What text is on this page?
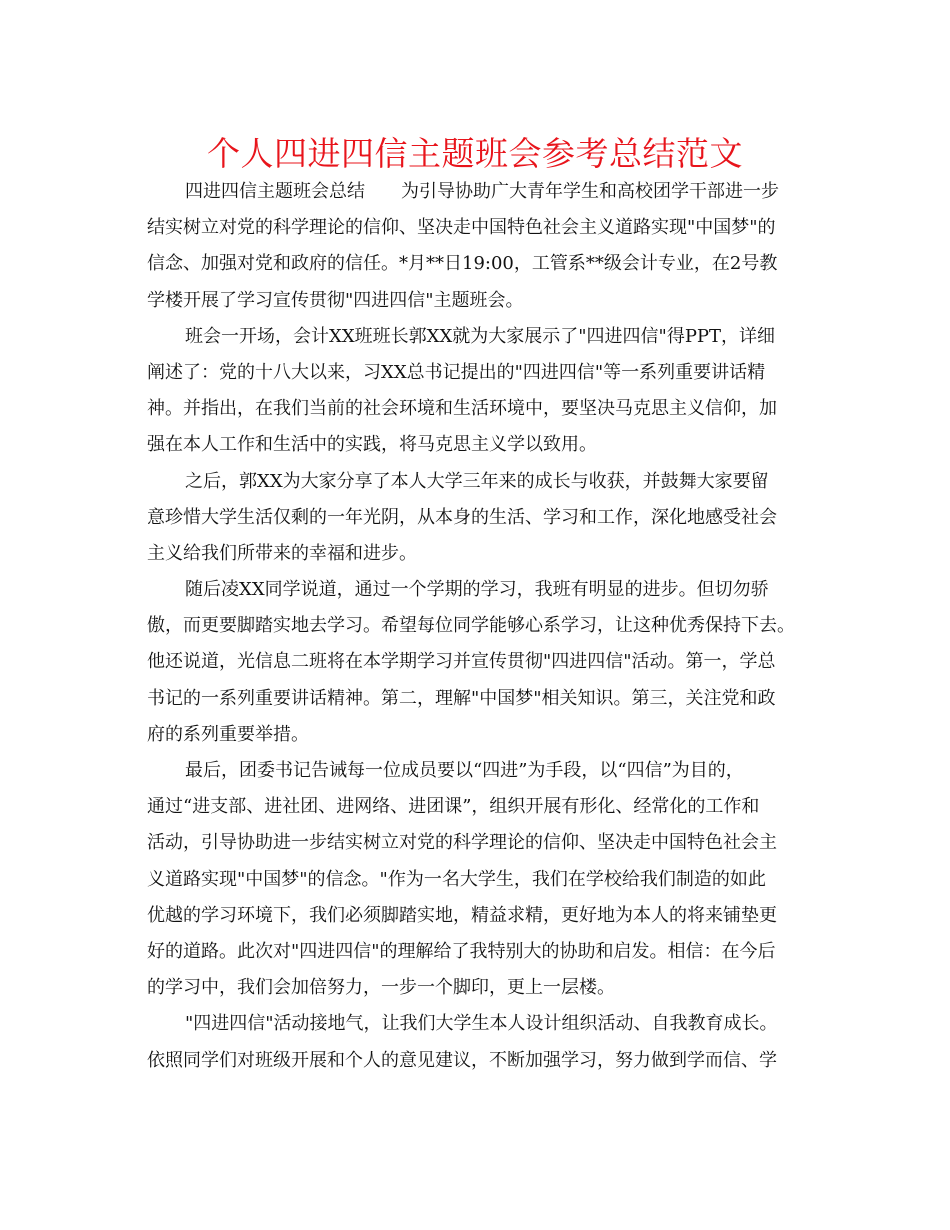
个人四进四信主题班会参考总结范文
四进四信主题班会总结　　为引导协助广大青年学生和高校团学干部进一步
结实树立对党的科学理论的信仰、坚决走中国特色社会主义道路实现"中国梦"的
信念、加强对党和政府的信任。*月**日19:00，工管系**级会计专业，在2号教
学楼开展了学习宣传贯彻"四进四信"主题班会。
班会一开场，会计XX班班长郭XX就为大家展示了"四进四信"得PPT，详细
阐述了：党的十八大以来，习XX总书记提出的"四进四信"等一系列重要讲话精
神。并指出，在我们当前的社会环境和生活环境中，要坚决马克思主义信仰，加
强在本人工作和生活中的实践，将马克思主义学以致用。
之后，郭XX为大家分享了本人大学三年来的成长与收获，并鼓舞大家要留
意珍惜大学生活仅剩的一年光阴，从本身的生活、学习和工作，深化地感受社会
主义给我们所带来的幸福和进步。
随后凌XX同学说道，通过一个学期的学习，我班有明显的进步。但切勿骄
傲，而更要脚踏实地去学习。希望每位同学能够心系学习，让这种优秀保持下去。
他还说道，光信息二班将在本学期学习并宣传贯彻"四进四信"活动。第一，学总
书记的一系列重要讲话精神。第二，理解"中国梦"相关知识。第三，关注党和政
府的系列重要举措。
最后，团委书记告诫每一位成员要以“四进”为手段，以“四信”为目的，
通过“进支部、进社团、进网络、进团课”，组织开展有形化、经常化的工作和
活动，引导协助进一步结实树立对党的科学理论的信仰、坚决走中国特色社会主
义道路实现"中国梦"的信念。"作为一名大学生，我们在学校给我们制造的如此
优越的学习环境下，我们必须脚踏实地，精益求精，更好地为本人的将来铺垫更
好的道路。此次对"四进四信"的理解给了我特别大的协助和启发。相信：在今后
的学习中，我们会加倍努力，一步一个脚印，更上一层楼。
"四进四信"活动接地气，让我们大学生本人设计组织活动、自我教育成长。
依照同学们对班级开展和个人的意见建议，不断加强学习，努力做到学而信、学
